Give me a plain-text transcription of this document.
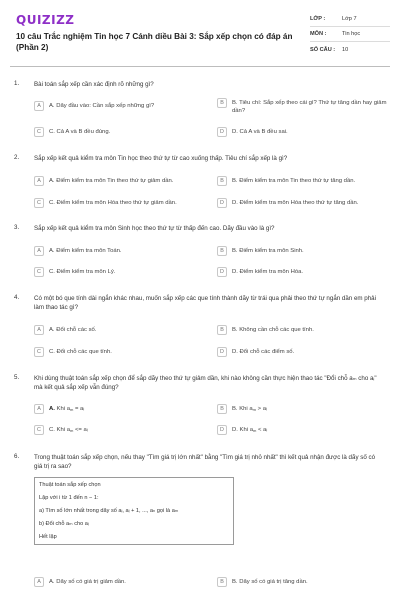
QUIZIZZ
10 câu Trắc nghiệm Tin học 7 Cánh diều Bài 3: Sắp xếp chọn có đáp án (Phần 2)
LỚP :	Lớp 7
MÔN :	Tin học
SỐ CÂU :	10
1. Bài toán sắp xếp cần xác định rõ những gì?
A	A. Dãy đầu vào: Cần sắp xếp những gì?	B	B. Tiêu chí: Sắp xếp theo cái gì? Thứ tự tăng dần hay giảm dần?
C	C. Cả A và B đều đúng.	D	D. Cả A và B đều sai.
2. Sắp xếp kết quả kiểm tra môn Tin học theo thứ tự từ cao xuống thấp. Tiêu chí sắp xếp là gì?
A	A. Điểm kiểm tra môn Tin theo thứ tự giảm dần.	B	B. Điểm kiểm tra môn Tin theo thứ tự tăng dần.
C	C. Điểm kiểm tra môn Hóa theo thứ tự giảm dần.	D	D. Điểm kiểm tra môn Hóa theo thứ tự tăng dần.
3. Sắp xếp kết quả kiểm tra môn Sinh học theo thứ tự từ thấp đến cao. Dãy đầu vào là gì?
A	A. Điểm kiểm tra môn Toán.	B	B. Điểm kiểm tra môn Sinh.
C	C. Điểm kiểm tra môn Lý.	D	D. Điểm kiểm tra môn Hóa.
4. Có một bó que tính dài ngắn khác nhau, muốn sắp xếp các que tính thành dãy từ trái qua phải theo thứ tự ngắn dần em phải làm thao tác gì?
A	A. Đổi chỗ các số.	B	B. Không cần chỗ các que tính.
C	C. Đổi chỗ các que tính.	D	D. Đổi chỗ các điểm số.
5. Khi dùng thuật toán sắp xếp chọn để sắp dãy theo thứ tự giảm dần, khi nào không cần thực hiện thao tác "Đổi chỗ aₘ cho aᵢ" mà kết quả sắp xếp vẫn đúng?
A	A. Khi $a_m$ = aᵢ	B	B. Khi $a_m$ > aᵢ
C	C. Khi $a_m$ <= aᵢ	D	D. Khi $a_m$ < aᵢ
6. Trong thuật toán sắp xếp chọn, nếu thay "Tìm giá trị lớn nhất" bằng "Tìm giá trị nhỏ nhất" thì kết quả nhận được là dãy số có giá trị ra sao?
Thuật toán sắp xếp chọn
Lặp với i từ 1 đến n − 1:
a) Tìm số lớn nhất trong dãy số aᵢ, aᵢ + 1, ..., aₙ gọi là aₘ
b) Đổi chỗ aₘ cho aᵢ
Hết lặp
A	A. Dãy số có giá trị giảm dần.	B	B. Dãy số có giá trị tăng dần.
